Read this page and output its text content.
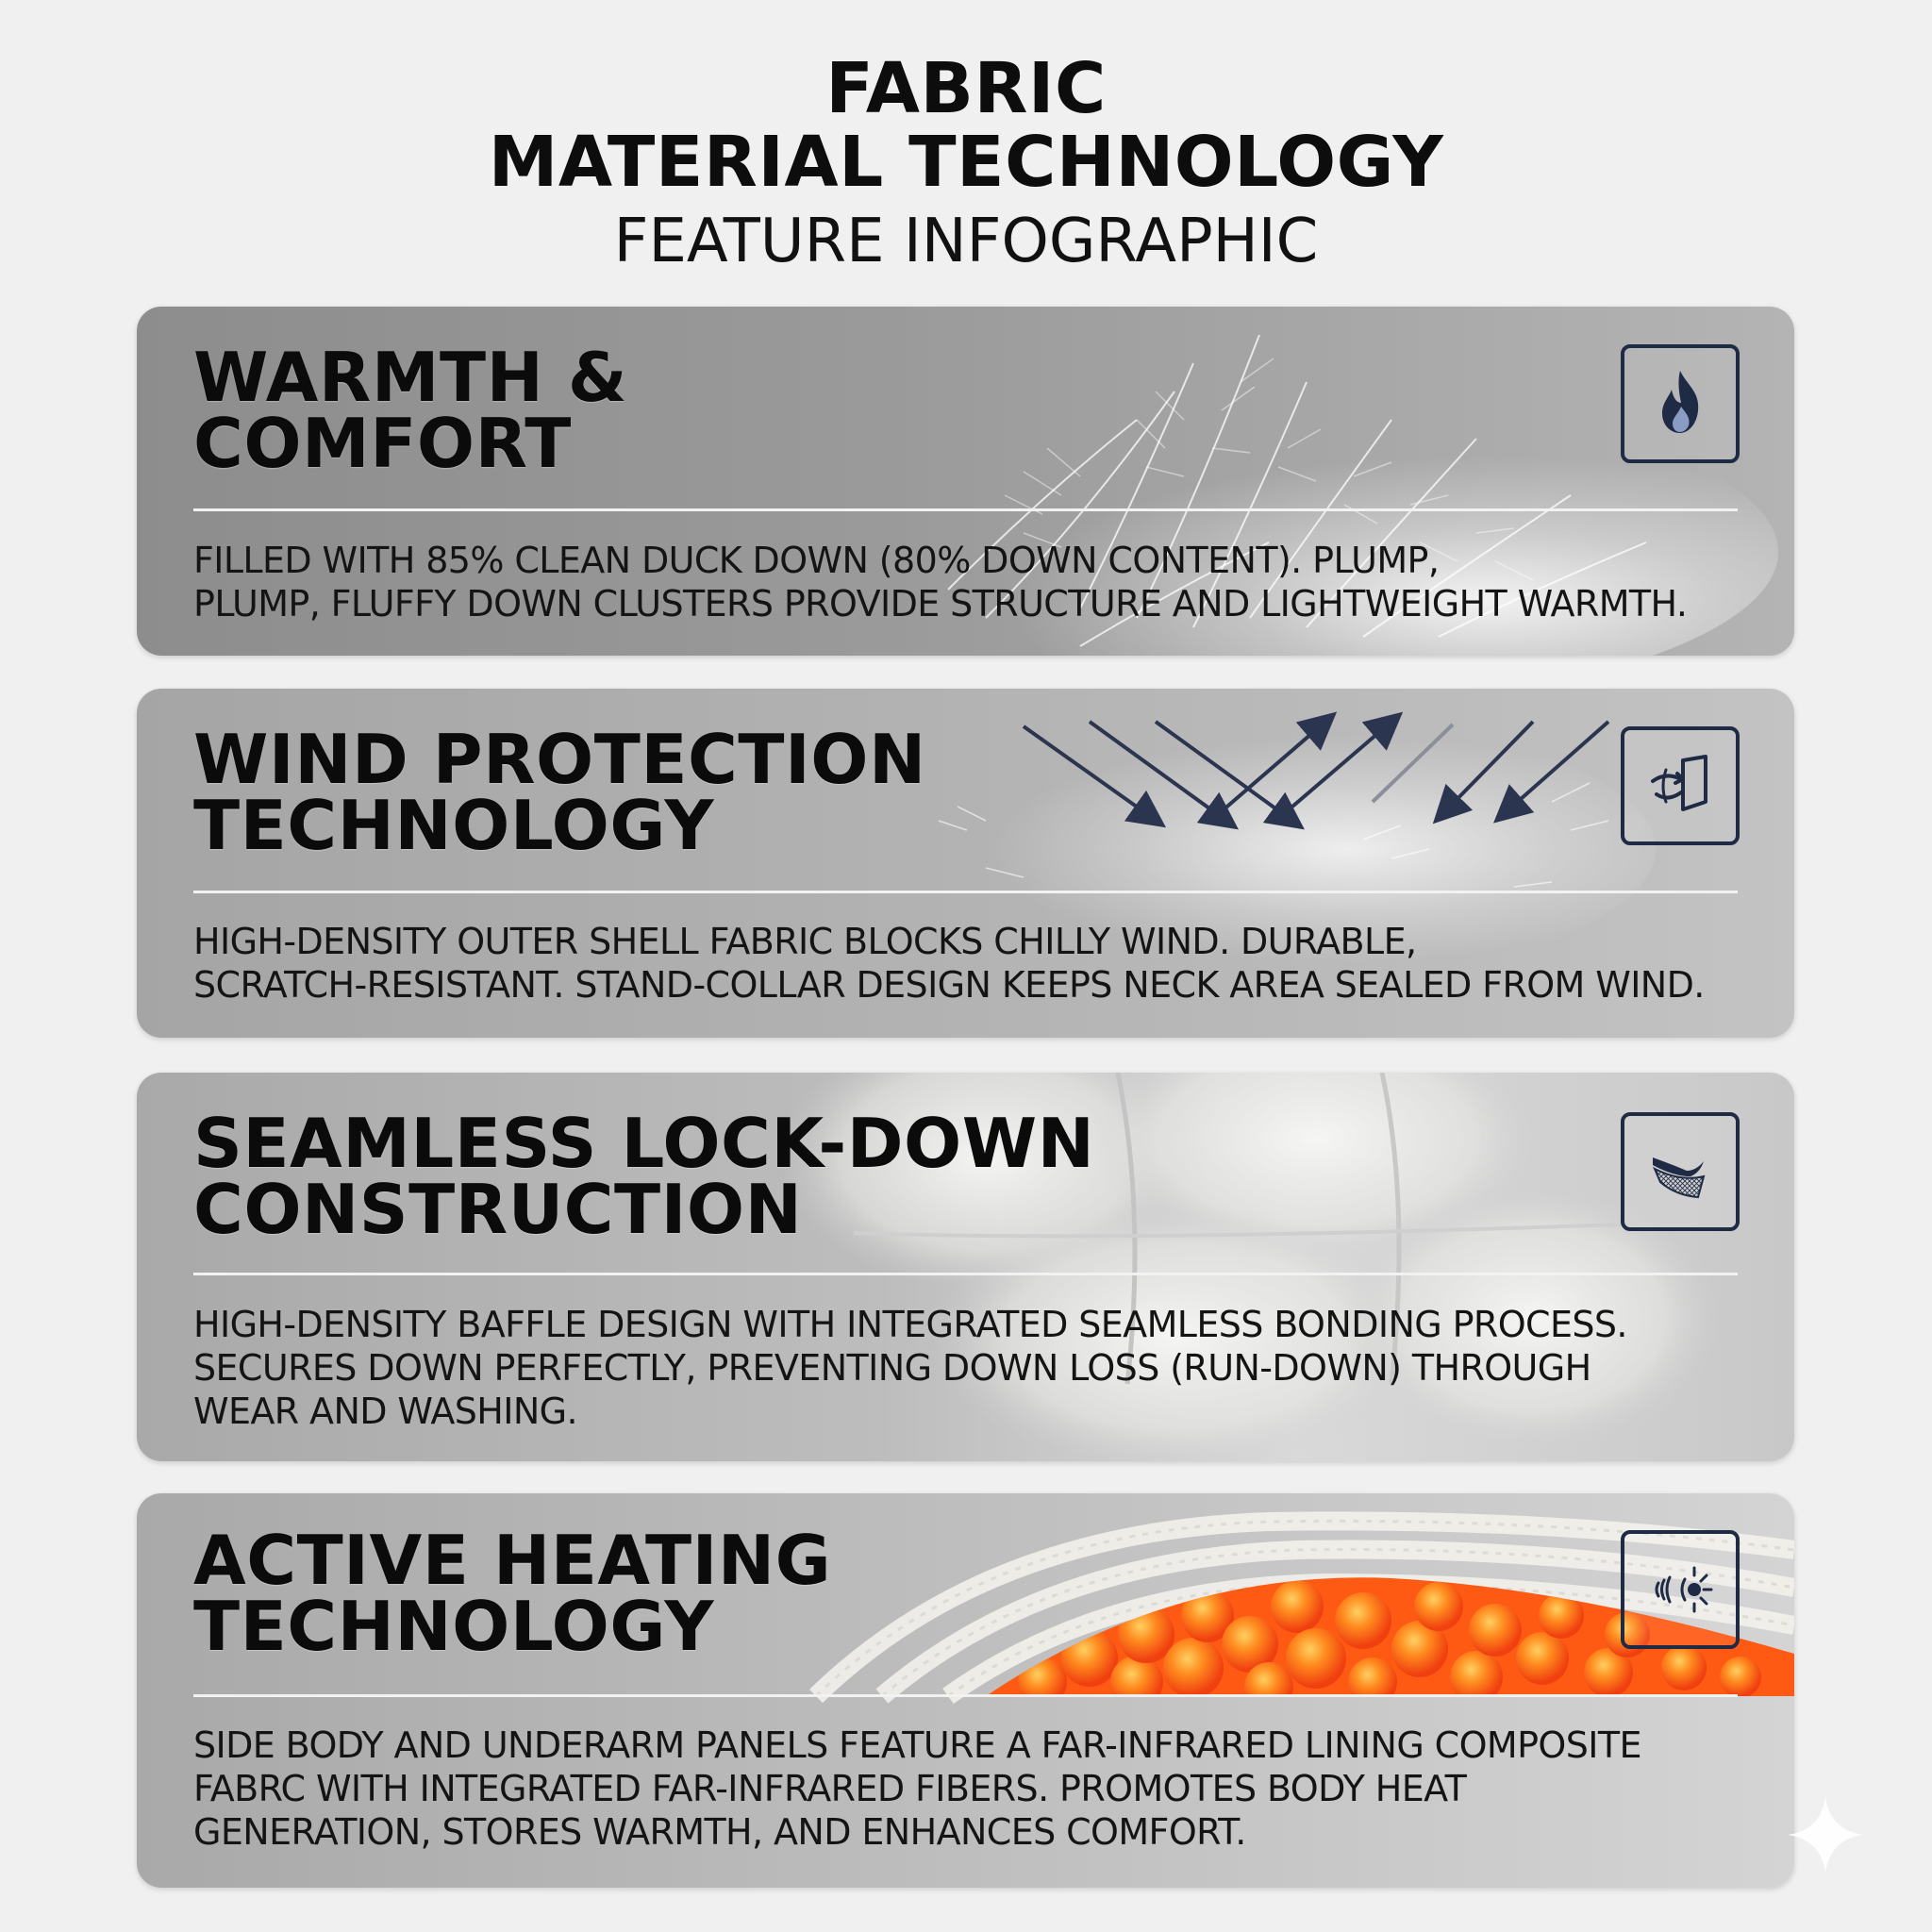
FABRIC
MATERIAL TECHNOLOGY
FEATURE INFOGRAPHIC
WARMTH &
COMFORT
FILLED WITH 85% CLEAN DUCK DOWN (80% DOWN CONTENT). PLUMP,
PLUMP, FLUFFY DOWN CLUSTERS PROVIDE STRUCTURE AND LIGHTWEIGHT WARMTH.
WIND PROTECTION
TECHNOLOGY
HIGH-DENSITY OUTER SHELL FABRIC BLOCKS CHILLY WIND. DURABLE,
SCRATCH-RESISTANT. STAND-COLLAR DESIGN KEEPS NECK AREA SEALED FROM WIND.
SEAMLESS LOCK-DOWN
CONSTRUCTION
HIGH-DENSITY BAFFLE DESIGN WITH INTEGRATED SEAMLESS BONDING PROCESS.
SECURES DOWN PERFECTLY, PREVENTING DOWN LOSS (RUN-DOWN) THROUGH
WEAR AND WASHING.
ACTIVE HEATING
TECHNOLOGY
SIDE BODY AND UNDERARM PANELS FEATURE A FAR-INFRARED LINING COMPOSITE
FABRC WITH INTEGRATED FAR-INFRARED FIBERS. PROMOTES BODY HEAT
GENERATION, STORES WARMTH, AND ENHANCES COMFORT.
